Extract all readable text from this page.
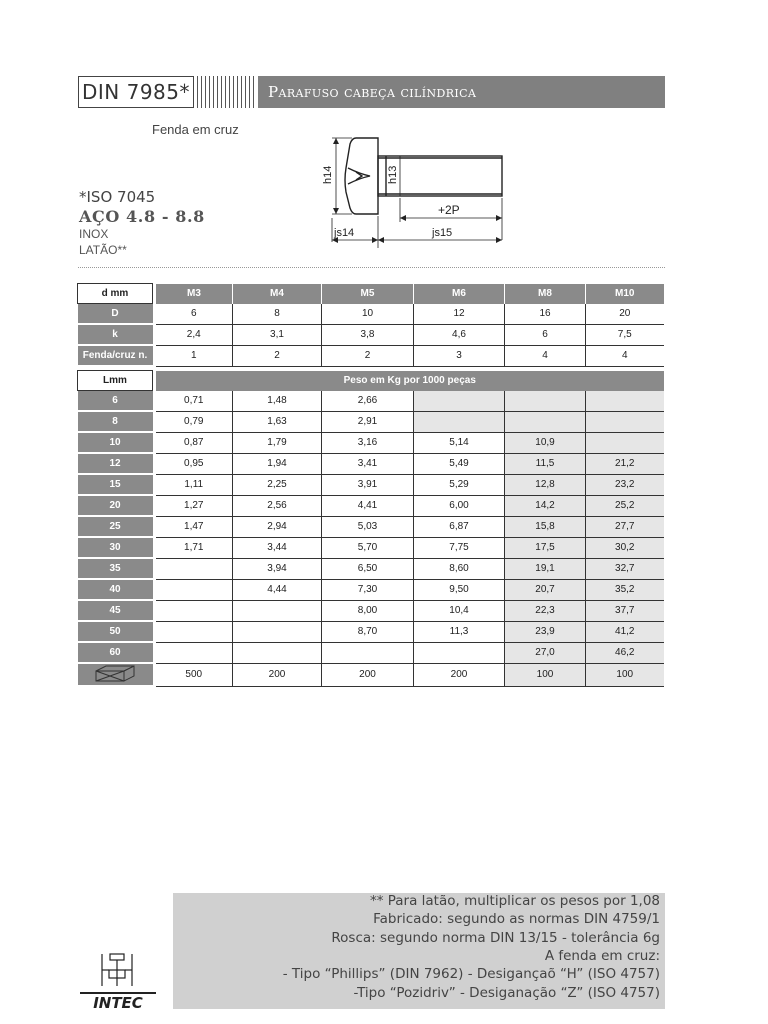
DIN 7985*	Parafuso cabeça cilíndrica
Fenda em cruz
*ISO 7045
AÇO 4.8 - 8.8
INOX
LATÃO**
h14	h13
+2P
js14	js15
d mm		M3	M4	M5	M6	M8	M10
D		6	8	10	12	16	20
k		2,4	3,1	3,8	4,6	6	7,5
Fenda/cruz n.		1	2	2	3	4	4
Lmm		Peso em Kg por 1000 peças					
6		0,71	1,48	2,66			
8		0,79	1,63	2,91			
10		0,87	1,79	3,16	5,14	10,9	
12		0,95	1,94	3,41	5,49	11,5	21,2
15		1,11	2,25	3,91	5,29	12,8	23,2
20		1,27	2,56	4,41	6,00	14,2	25,2
25		1,47	2,94	5,03	6,87	15,8	27,7
30		1,71	3,44	5,70	7,75	17,5	30,2
35			3,94	6,50	8,60	19,1	32,7
40			4,44	7,30	9,50	20,7	35,2
45				8,00	10,4	22,3	37,7
50				8,70	11,3	23,9	41,2
60						27,0	46,2
		500	200	200	200	100	100
** Para latão, multiplicar os pesos por 1,08
Fabricado: segundo as normas DIN 4759/1
Rosca: segundo norma DIN 13/15 - tolerância 6g
A fenda em cruz:
- Tipo “Phillips” (DIN 7962) - Desigançaõ “H” (ISO 4757)
-Tipo “Pozidriv” - Desiganação “Z” (ISO 4757)
INTEC
